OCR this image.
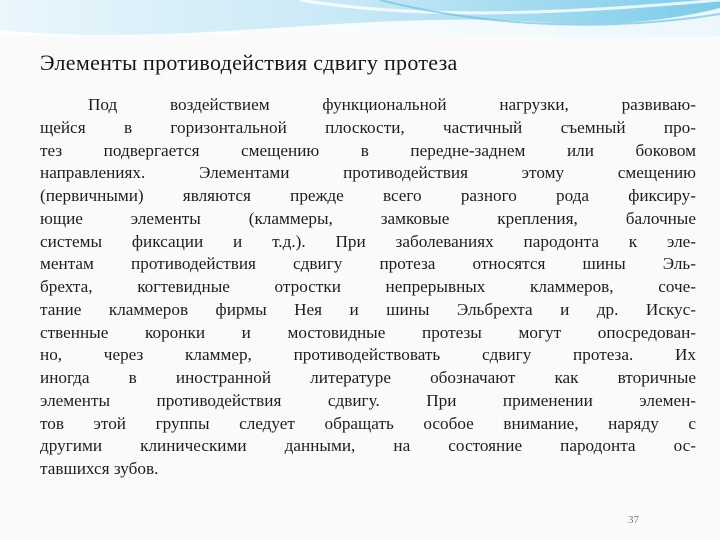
Элементы противодействия сдвигу протеза
Под воздействием функциональной нагрузки, развиваю-
щейся в горизонтальной плоскости, частичный съемный про-
тез подвергается смещению в передне-заднем или боковом
направлениях. Элементами противодействия этому смещению
(первичными) являются прежде всего разного рода фиксиру-
ющие элементы (кламмеры, замковые крепления, балочные
системы фиксации и т.д.). При заболеваниях пародонта к эле-
ментам противодействия сдвигу протеза относятся шины Эль-
брехта, когтевидные отростки непрерывных кламмеров, соче-
тание кламмеров фирмы Нея и шины Эльбрехта и др. Искус-
ственные коронки и мостовидные протезы могут опосредован-
но, через кламмер, противодействовать сдвигу протеза. Их
иногда в иностранной литературе обозначают как вторичные
элементы противодействия сдвигу. При применении элемен-
тов этой группы следует обращать особое внимание, наряду с
другими клиническими данными, на состояние пародонта ос-
тавшихся зубов.
37
